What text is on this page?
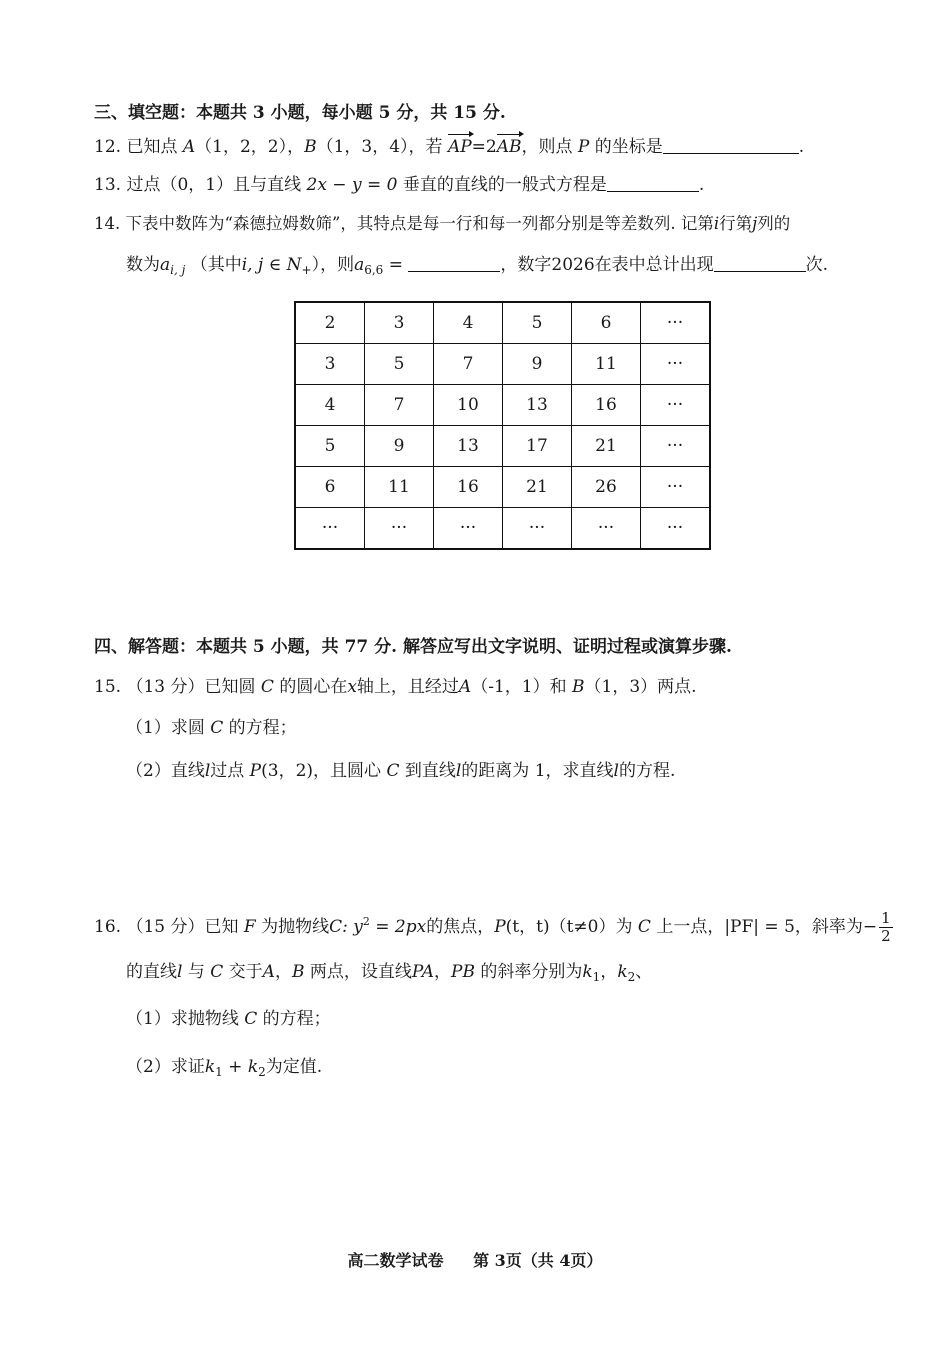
三、填空题：本题共 3 小题，每小题 5 分，共 15 分.
12. 已知点 A（1，2，2），B（1，3，4），若 AP=2AB，则点 P 的坐标是	.
13. 过点（0，1）且与直线 2x − y = 0 垂直的直线的一般式方程是	.
14. 下表中数阵为“森德拉姆数筛”，其特点是每一行和每一列都分别是等差数列. 记第i行第j列的
数为$a_{i, j}$ （其中i, j ∈ $N_+$），则$a_{6,6}$ =	，数字2026在表中总计出现	次.
2	3	4	5	6	···
3	5	7	9	11	···
4	7	10	13	16	···
5	9	13	17	21	···
6	11	16	21	26	···
···	···	···	···	···	···
四、解答题：本题共 5 小题，共 77 分. 解答应写出文字说明、证明过程或演算步骤.
15. （13 分）已知圆 C 的圆心在x轴上，且经过A（-1，1）和 B（1，3）两点.
（1）求圆 C 的方程；
（2）直线l过点 P(3，2)，且圆心 C 到直线l的距离为 1，求直线l的方程.
16. （15 分）已知 F 为抛物线C: $y^2 = 2px$的焦点，P(t，t)（t≠0）为 C 上一点，|PF| = 5，斜率为− $\frac{1}{2}$
的直线l 与 C 交于A，B 两点，设直线PA，PB 的斜率分别为$k_1$，$k_2$、
（1）求抛物线 C 的方程；
（2）求证$k_1 + k_2$为定值.
高二数学试卷 第 3页（共 4页）
